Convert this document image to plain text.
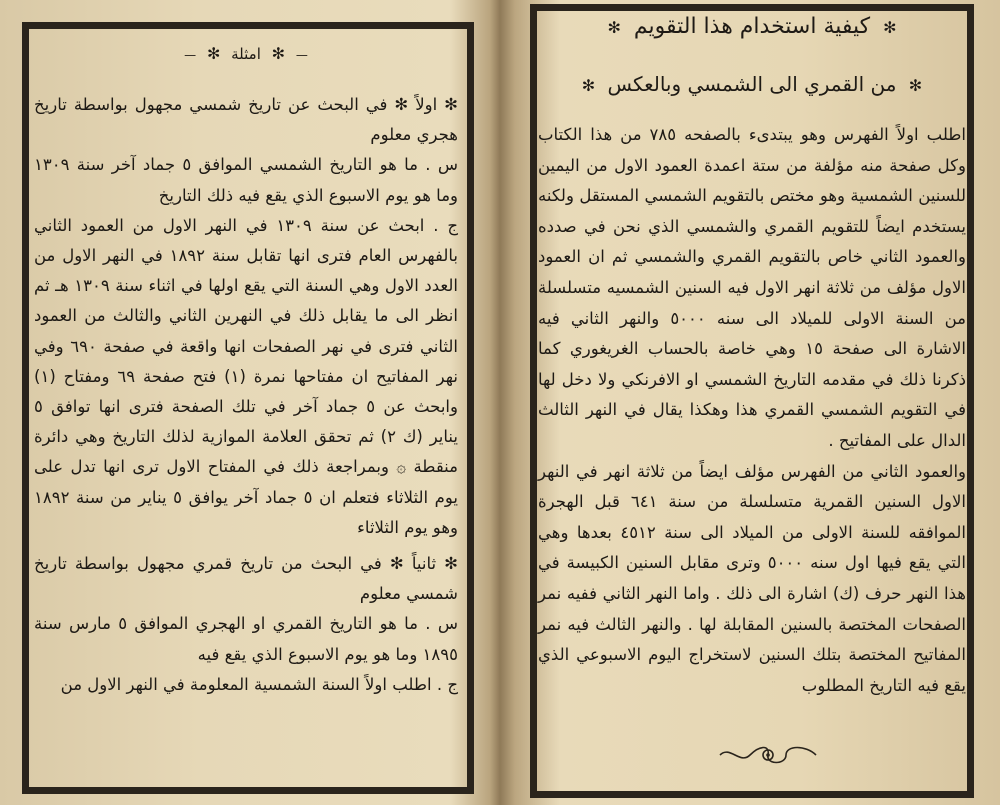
— ✻ امثلة ✻ —

✻ اولاً ✻ في البحث عن تاريخ شمسي مجهول بواسطة تاريخ هجري معلوم

س . ما هو التاريخ الشمسي الموافق ٥ جماد آخر سنة ١٣٠٩ وما هو يوم الاسبوع الذي يقع فيه ذلك التاريخ

ج . ابحث عن سنة ١٣٠٩ في النهر الاول من العمود الثاني بالفهرس العام فترى انها تقابل سنة ١٨٩٢ في النهر الاول من العدد الاول وهي السنة التي يقع اولها في اثناء سنة ١٣٠٩ هـ ثم انظر الى ما يقابل ذلك في النهرين الثاني والثالث من العمود الثاني فترى في نهر الصفحات انها واقعة في صفحة ٦٩٠ وفي نهر المفاتيح ان مفتاحها نمرة (١) فتح صفحة ٦٩ ومفتاح (١) وابحث عن ٥ جماد آخر في تلك الصفحة فترى انها توافق ٥ يناير (ك ٢) ثم تحقق العلامة الموازية لذلك التاريخ وهي دائرة منقطة ۞ وبمراجعة ذلك في المفتاح الاول ترى انها تدل على يوم الثلاثاء فتعلم ان ٥ جماد آخر يوافق ٥ يناير من سنة ١٨٩٢ وهو يوم الثلاثاء

✻ ثانياً ✻ في البحث من تاريخ قمري مجهول بواسطة تاريخ شمسي معلوم

س . ما هو التاريخ القمري او الهجري الموافق ٥ مارس سنة ١٨٩٥ وما هو يوم الاسبوع الذي يقع فيه

ج . اطلب اولاً السنة الشمسية المعلومة في النهر الاول من

✻ كيفية استخدام هذا التقويم ✻
✻ من القمري الى الشمسي وبالعكس ✻

اطلب اولاً الفهرس وهو يبتدىء بالصفحه ٧٨٥ من هذا الكتاب وكل صفحة منه مؤلفة من ستة اعمدة العمود الاول من اليمين للسنين الشمسية وهو مختص بالتقويم الشمسي المستقل ولكنه يستخدم ايضاً للتقويم القمري والشمسي الذي نحن في صدده والعمود الثاني خاص بالتقويم القمري والشمسي ثم ان العمود الاول مؤلف من ثلاثة انهر الاول فيه السنين الشمسيه متسلسلة من السنة الاولى للميلاد الى سنه ٥٠٠٠ والنهر الثاني فيه الاشارة الى صفحة ١٥ وهي خاصة بالحساب الغريغوري كما ذكرنا ذلك في مقدمه التاريخ الشمسي او الافرنكي ولا دخل لها في التقويم الشمسي القمري هذا وهكذا يقال في النهر الثالث الدال على المفاتيح .

والعمود الثاني من الفهرس مؤلف ايضاً من ثلاثة انهر في النهر الاول السنين القمرية متسلسلة من سنة ٦٤١ قبل الهجرة الموافقه للسنة الاولى من الميلاد الى سنة ٤٥١٢ بعدها وهي التي يقع فيها اول سنه ٥٠٠٠ وترى مقابل السنين الكبيسة في هذا النهر حرف (ك) اشارة الى ذلك . واما النهر الثاني ففيه نمر الصفحات المختصة بالسنين المقابلة لها . والنهر الثالث فيه نمر المفاتيح المختصة بتلك السنين لاستخراج اليوم الاسبوعي الذي يقع فيه التاريخ المطلوب
